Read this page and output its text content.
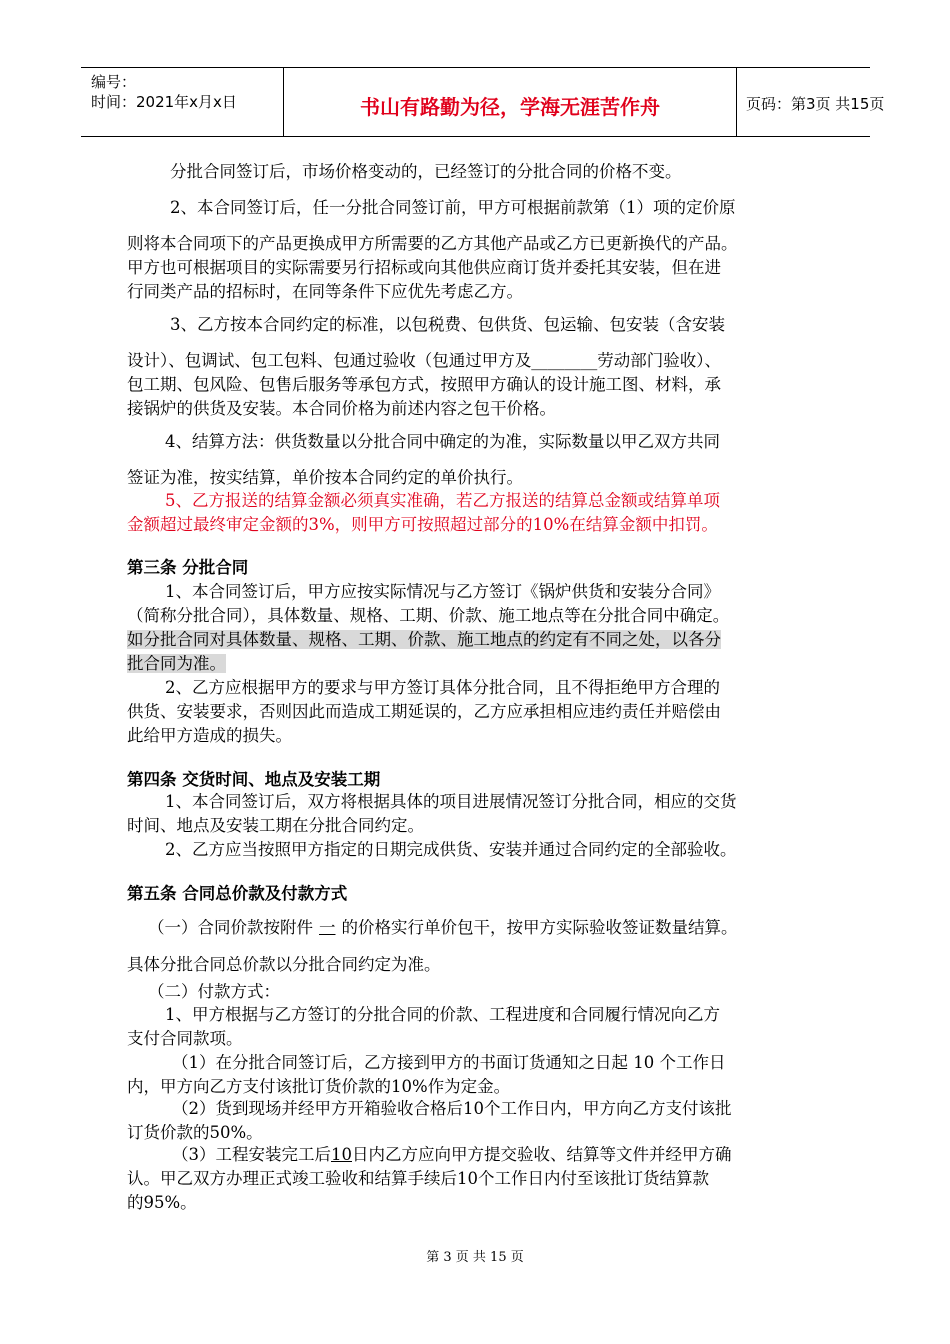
编号：
时间：2021年x月x日	书山有路勤为径，学海无涯苦作舟	页码：第3页 共15页
分批合同签订后，市场价格变动的，已经签订的分批合同的价格不变。
2、本合同签订后，任一分批合同签订前，甲方可根据前款第（1）项的定价原
则将本合同项下的产品更换成甲方所需要的乙方其他产品或乙方已更新换代的产品。
甲方也可根据项目的实际需要另行招标或向其他供应商订货并委托其安装，但在进
行同类产品的招标时，在同等条件下应优先考虑乙方。
3、乙方按本合同约定的标准，以包税费、包供货、包运输、包安装（含安装
设计）、包调试、包工包料、包通过验收（包通过甲方及________劳动部门验收）、
包工期、包风险、包售后服务等承包方式，按照甲方确认的设计施工图、材料，承
接锅炉的供货及安装。本合同价格为前述内容之包干价格。
4、结算方法：供货数量以分批合同中确定的为准，实际数量以甲乙双方共同
签证为准，按实结算，单价按本合同约定的单价执行。
5、乙方报送的结算金额必须真实准确，若乙方报送的结算总金额或结算单项
金额超过最终审定金额的3%，则甲方可按照超过部分的10%在结算金额中扣罚。
第三条 分批合同
1、本合同签订后，甲方应按实际情况与乙方签订《锅炉供货和安装分合同》
（简称分批合同），具体数量、规格、工期、价款、施工地点等在分批合同中确定。
如分批合同对具体数量、规格、工期、价款、施工地点的约定有不同之处，以各分
批合同为准。
2、乙方应根据甲方的要求与甲方签订具体分批合同，且不得拒绝甲方合理的
供货、安装要求，否则因此而造成工期延误的，乙方应承担相应违约责任并赔偿由
此给甲方造成的损失。
第四条 交货时间、地点及安装工期
1、本合同签订后，双方将根据具体的项目进展情况签订分批合同，相应的交货
时间、地点及安装工期在分批合同约定。
2、乙方应当按照甲方指定的日期完成供货、安装并通过合同约定的全部验收。
第五条 合同总价款及付款方式
（一）合同价款按附件 一 的价格实行单价包干，按甲方实际验收签证数量结算。
具体分批合同总价款以分批合同约定为准。
（二）付款方式：
1、甲方根据与乙方签订的分批合同的价款、工程进度和合同履行情况向乙方
支付合同款项。
（1）在分批合同签订后，乙方接到甲方的书面订货通知之日起 10 个工作日
内，甲方向乙方支付该批订货价款的10%作为定金。
（2）货到现场并经甲方开箱验收合格后10个工作日内，甲方向乙方支付该批
订货价款的50%。
（3）工程安装完工后10日内乙方应向甲方提交验收、结算等文件并经甲方确
认。甲乙双方办理正式竣工验收和结算手续后10个工作日内付至该批订货结算款
的95%。
第 3 页 共 15 页
